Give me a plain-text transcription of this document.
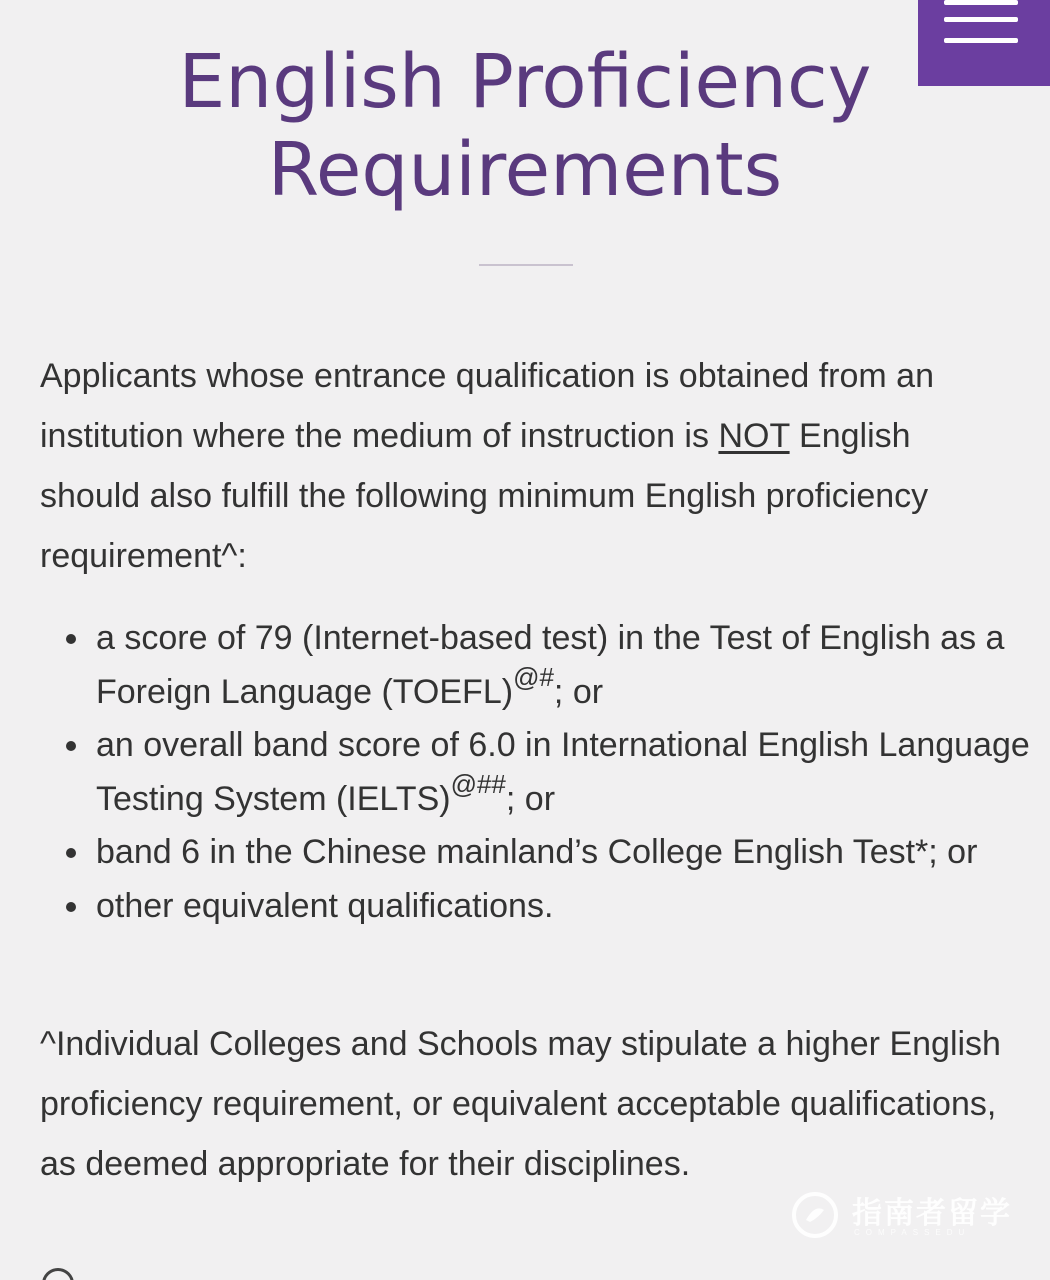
English Proficiency
Requirements

Applicants whose entrance qualification is obtained from an institution where the medium of instruction is NOT English should also fulfill the following minimum English proficiency requirement^:

a score of 79 (Internet-based test) in the Test of English as a Foreign Language (TOEFL)@#; or
an overall band score of 6.0 in International English Language Testing System (IELTS)@##; or
band 6 in the Chinese mainland’s College English Test*; or
other equivalent qualifications.

^Individual Colleges and Schools may stipulate a higher English proficiency requirement, or equivalent acceptable qualifications, as deemed appropriate for their disciplines.

指南者留学
COMPASSEDU
